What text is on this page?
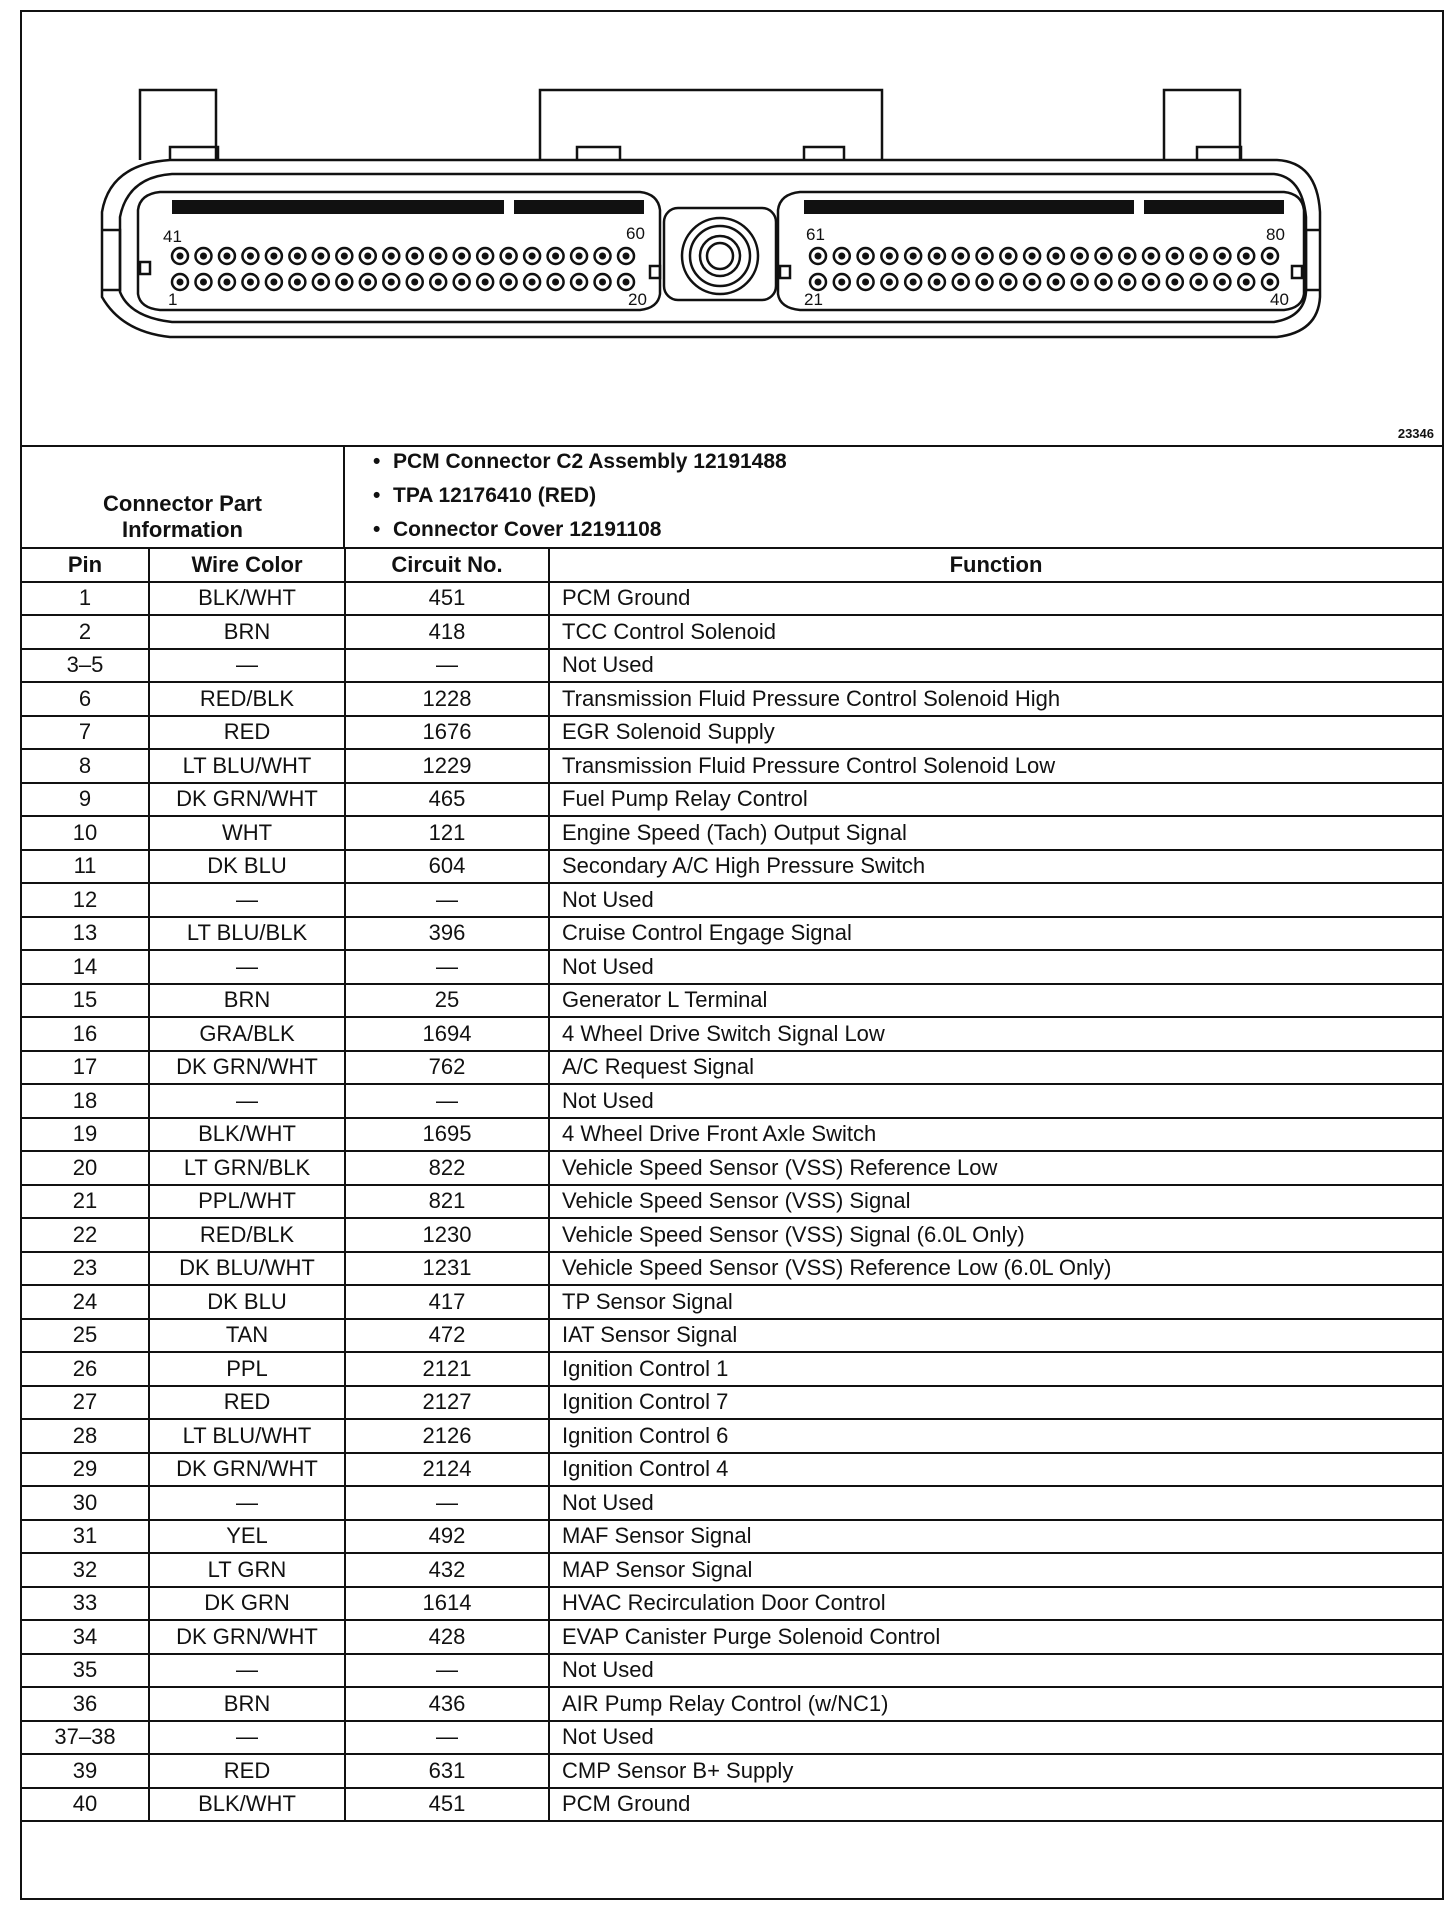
41	60
1	20
61	80
21	40
23346
Connector Part
Information
• PCM Connector C2 Assembly 12191488
• TPA 12176410 (RED)
• Connector Cover 12191108
Pin	Wire Color	Circuit No.	Function
1	BLK/WHT	451	PCM Ground
2	BRN	418	TCC Control Solenoid
3–5	—	—	Not Used
6	RED/BLK	1228	Transmission Fluid Pressure Control Solenoid High
7	RED	1676	EGR Solenoid Supply
8	LT BLU/WHT	1229	Transmission Fluid Pressure Control Solenoid Low
9	DK GRN/WHT	465	Fuel Pump Relay Control
10	WHT	121	Engine Speed (Tach) Output Signal
11	DK BLU	604	Secondary A/C High Pressure Switch
12	—	—	Not Used
13	LT BLU/BLK	396	Cruise Control Engage Signal
14	—	—	Not Used
15	BRN	25	Generator L Terminal
16	GRA/BLK	1694	4 Wheel Drive Switch Signal Low
17	DK GRN/WHT	762	A/C Request Signal
18	—	—	Not Used
19	BLK/WHT	1695	4 Wheel Drive Front Axle Switch
20	LT GRN/BLK	822	Vehicle Speed Sensor (VSS) Reference Low
21	PPL/WHT	821	Vehicle Speed Sensor (VSS) Signal
22	RED/BLK	1230	Vehicle Speed Sensor (VSS) Signal (6.0L Only)
23	DK BLU/WHT	1231	Vehicle Speed Sensor (VSS) Reference Low (6.0L Only)
24	DK BLU	417	TP Sensor Signal
25	TAN	472	IAT Sensor Signal
26	PPL	2121	Ignition Control 1
27	RED	2127	Ignition Control 7
28	LT BLU/WHT	2126	Ignition Control 6
29	DK GRN/WHT	2124	Ignition Control 4
30	—	—	Not Used
31	YEL	492	MAF Sensor Signal
32	LT GRN	432	MAP Sensor Signal
33	DK GRN	1614	HVAC Recirculation Door Control
34	DK GRN/WHT	428	EVAP Canister Purge Solenoid Control
35	—	—	Not Used
36	BRN	436	AIR Pump Relay Control (w/NC1)
37–38	—	—	Not Used
39	RED	631	CMP Sensor B+ Supply
40	BLK/WHT	451	PCM Ground
